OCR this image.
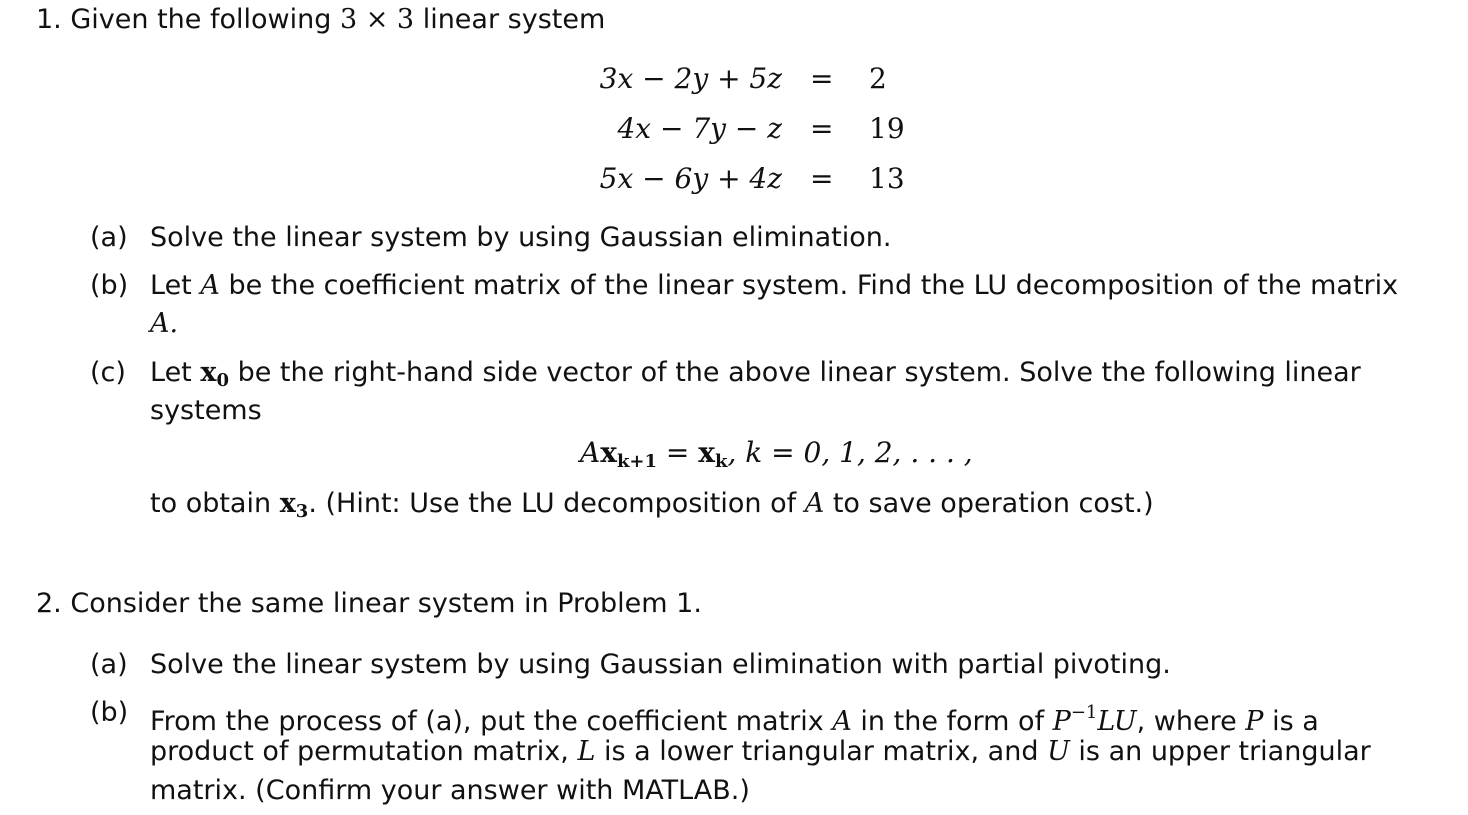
1. Given the following 3 × 3 linear system
3x − 2y + 5z = 2
4x − 7y − z = 19
5x − 6y + 4z = 13
(a) Solve the linear system by using Gaussian elimination.
(b) Let A be the coefficient matrix of the linear system. Find the LU decomposition of the matrix
A.
(c) Let $x_0$ be the right-hand side vector of the above linear system. Solve the following linear
systems
$Ax_{k+1} = x_k$, k = 0, 1, 2, . . . ,
to obtain $x_3$. (Hint: Use the LU decomposition of A to save operation cost.)
2. Consider the same linear system in Problem 1.
(a) Solve the linear system by using Gaussian elimination with partial pivoting.
(b) From the process of (a), put the coefficient matrix A in the form of $P^{-1}LU$, where P is a
product of permutation matrix, L is a lower triangular matrix, and U is an upper triangular
matrix. (Confirm your answer with MATLAB.)
